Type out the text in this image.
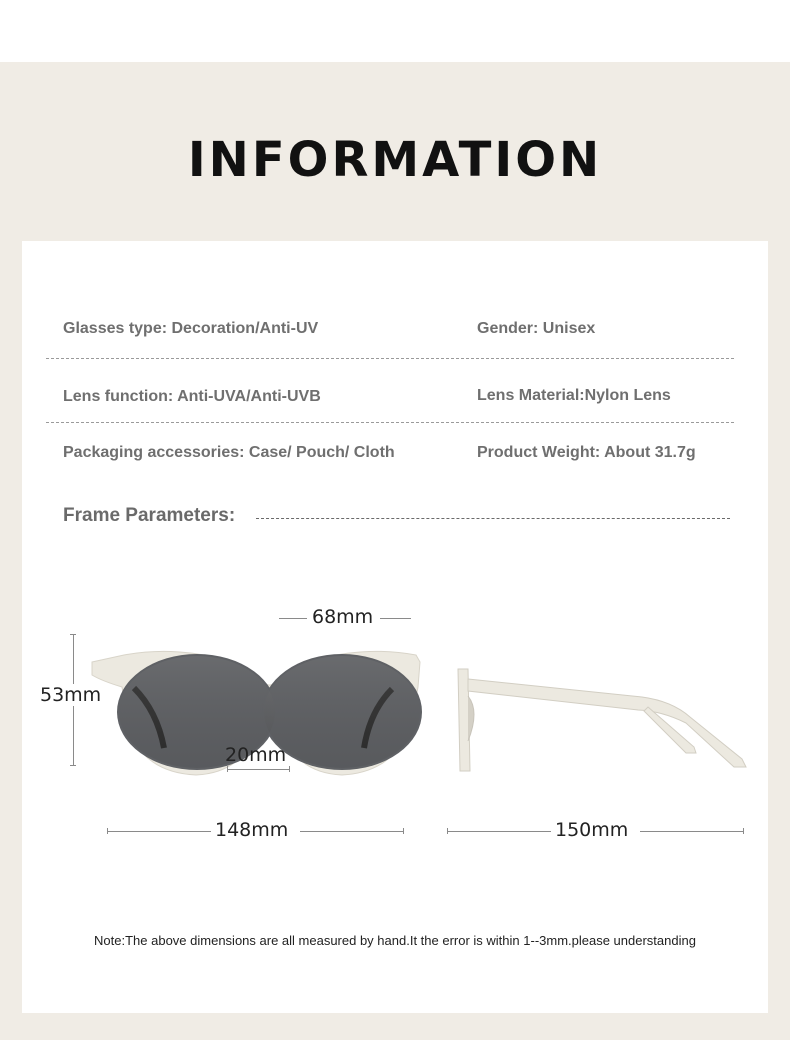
INFORMATION
Glasses type: Decoration/Anti-UV	Gender: Unisex
Lens function: Anti-UVA/Anti-UVB	Lens Material:Nylon Lens
Packaging accessories: Case/ Pouch/ Cloth	Product Weight: About 31.7g
Frame Parameters:
68mm
53mm
20mm
148mm	150mm
Note:The above dimensions are all measured by hand.It the error is within 1--3mm.please understanding
